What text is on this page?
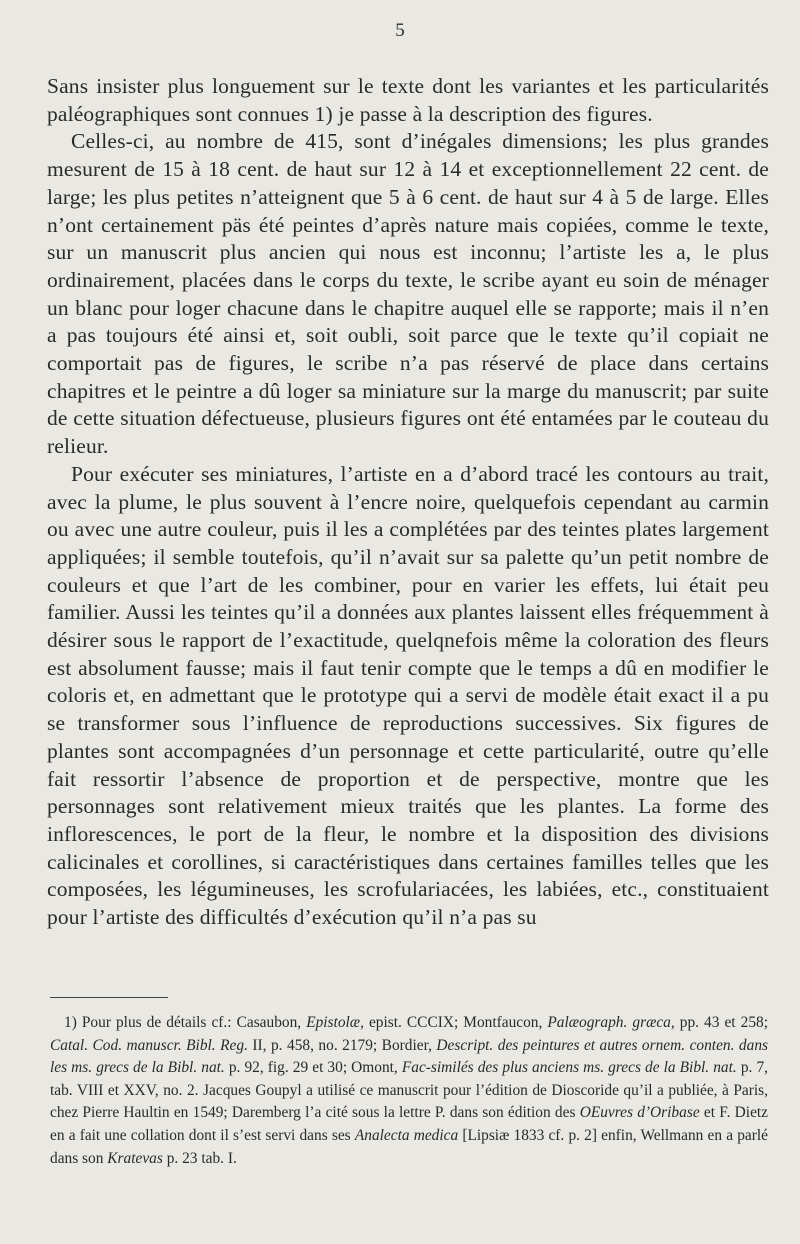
5

Sans insister plus longuement sur le texte dont les variantes et les particularités paléographiques sont connues 1) je passe à la description des figures.

Celles-ci, au nombre de 415, sont d’inégales dimensions; les plus grandes mesurent de 15 à 18 cent. de haut sur 12 à 14 et exceptionnellement 22 cent. de large; les plus petites n’atteignent que 5 à 6 cent. de haut sur 4 à 5 de large. Elles n’ont certainement päs été peintes d’après nature mais copiées, comme le texte, sur un manuscrit plus ancien qui nous est inconnu; l’artiste les a, le plus ordinairement, placées dans le corps du texte, le scribe ayant eu soin de ménager un blanc pour loger chacune dans le chapitre auquel elle se rapporte; mais il n’en a pas toujours été ainsi et, soit oubli, soit parce que le texte qu’il copiait ne comportait pas de figures, le scribe n’a pas réservé de place dans certains chapitres et le peintre a dû loger sa miniature sur la marge du manuscrit; par suite de cette situation défectueuse, plusieurs figures ont été entamées par le couteau du relieur.

Pour exécuter ses miniatures, l’artiste en a d’abord tracé les contours au trait, avec la plume, le plus souvent à l’encre noire, quelquefois cependant au carmin ou avec une autre couleur, puis il les a complétées par des teintes plates largement appliquées; il semble toutefois, qu’il n’avait sur sa palette qu’un petit nombre de couleurs et que l’art de les combiner, pour en varier les effets, lui était peu familier. Aussi les teintes qu’il a données aux plantes laissent elles fréquemment à désirer sous le rapport de l’exactitude, quelqnefois même la coloration des fleurs est absolument fausse; mais il faut tenir compte que le temps a dû en modifier le coloris et, en admettant que le prototype qui a servi de modèle était exact il a pu se transformer sous l’influence de reproductions successives. Six figures de plantes sont accompagnées d’un personnage et cette particularité, outre qu’elle fait ressortir l’absence de proportion et de perspective, montre que les personnages sont relativement mieux traités que les plantes. La forme des inflorescences, le port de la fleur, le nombre et la disposition des divisions calicinales et corollines, si caractéristiques dans certaines familles telles que les composées, les légumineuses, les scrofulariacées, les labiées, etc., constituaient pour l’artiste des difficultés d’exécution qu’il n’a pas su

1) Pour plus de détails cf.: Casaubon, Epistolæ, epist. CCCIX; Montfaucon, Palæograph. græca, pp. 43 et 258; Catal. Cod. manuscr. Bibl. Reg. II, p. 458, no. 2179; Bordier, Descript. des peintures et autres ornem. conten. dans les ms. grecs de la Bibl. nat. p. 92, fig. 29 et 30; Omont, Fac-similés des plus anciens ms. grecs de la Bibl. nat. p. 7, tab. VIII et XXV, no. 2. Jacques Goupyl a utilisé ce manuscrit pour l’édition de Dioscoride qu’il a publiée, à Paris, chez Pierre Haultin en 1549; Daremberg l’a cité sous la lettre P. dans son édition des OEuvres d’Oribase et F. Dietz en a fait une collation dont il s’est servi dans ses Analecta medica [Lipsiæ 1833 cf. p. 2] enfin, Wellmann en a parlé dans son Kratevas p. 23 tab. I.
